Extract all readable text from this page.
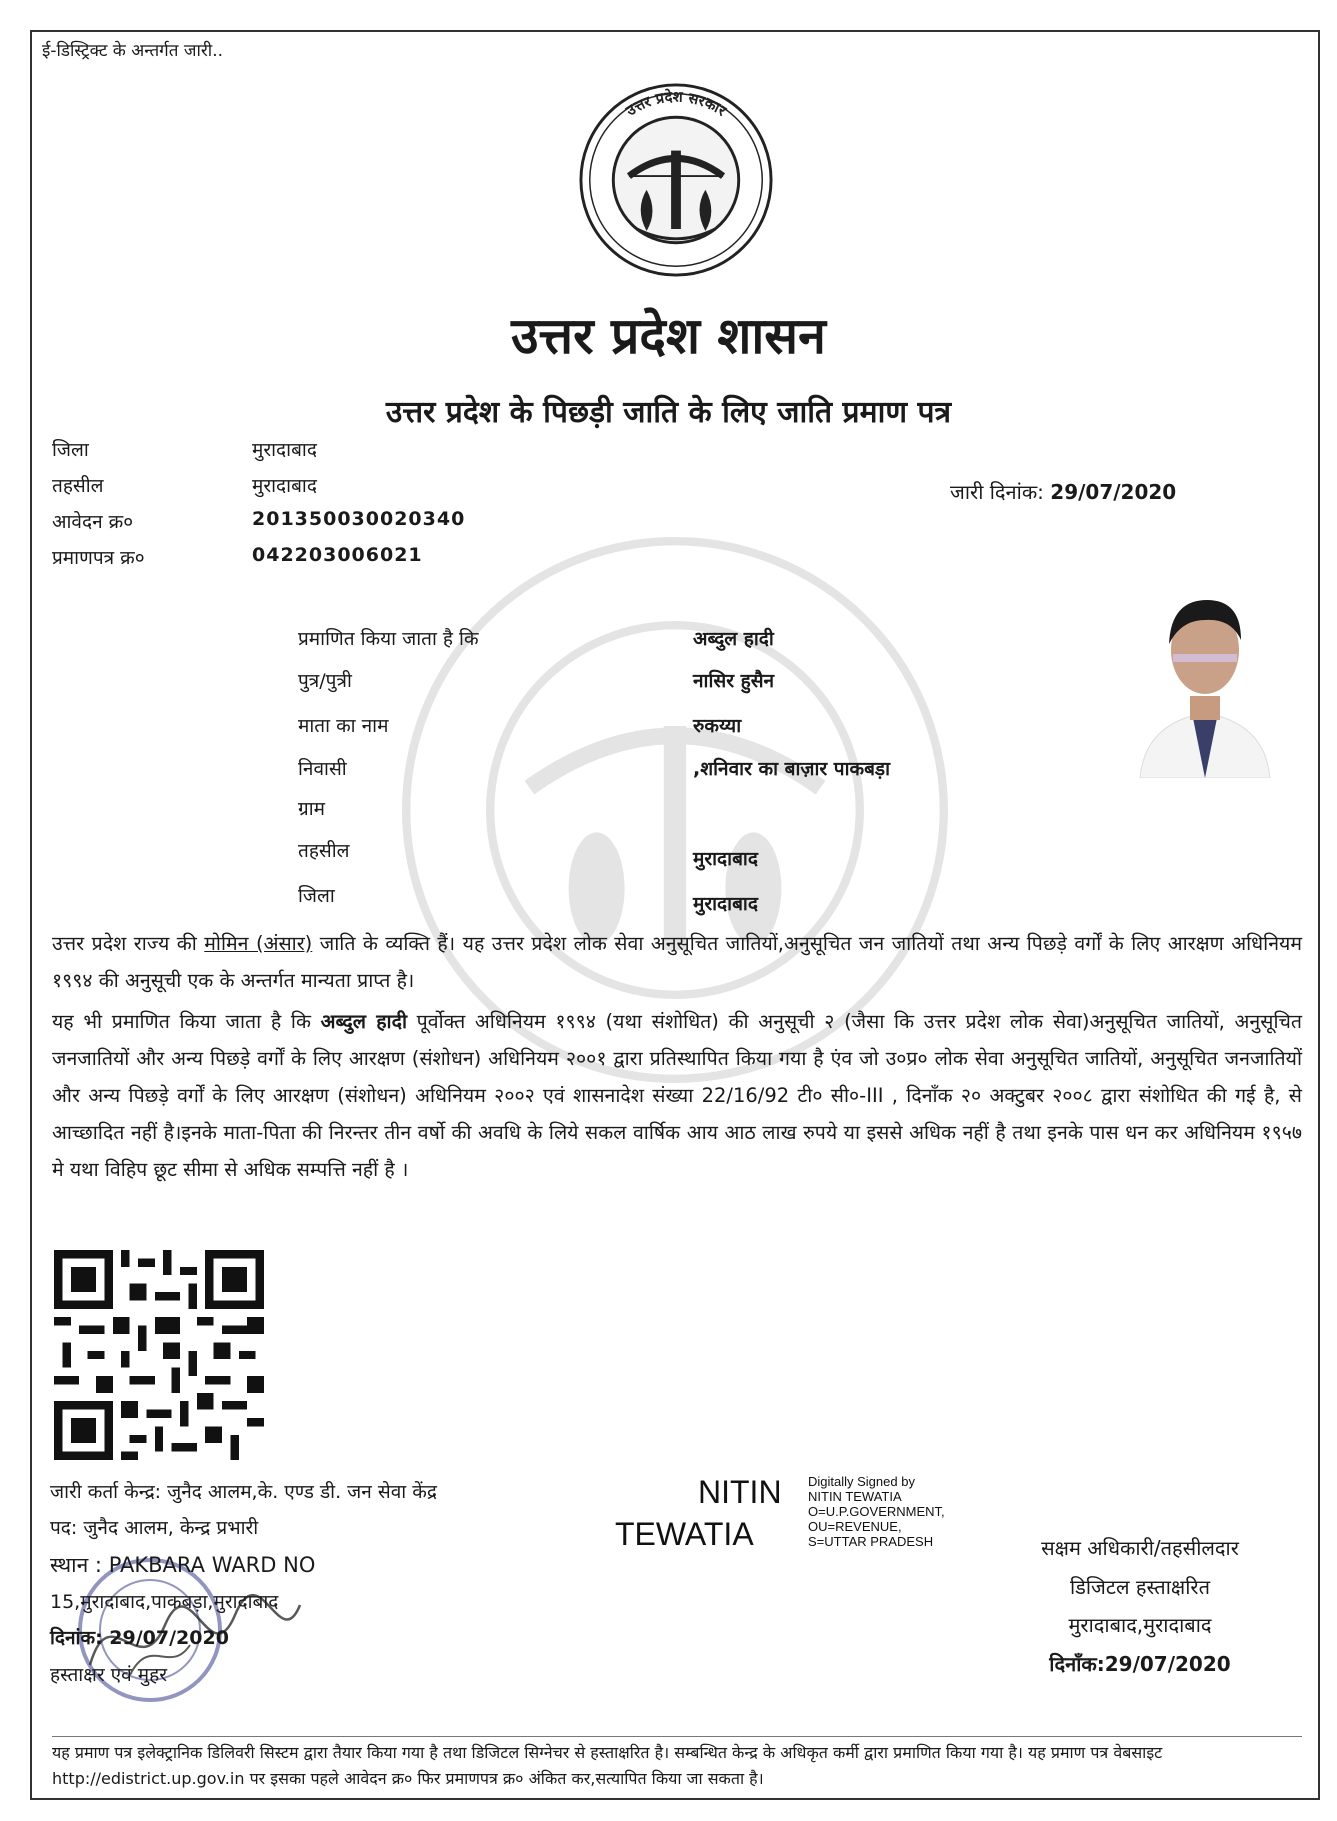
ई-डिस्ट्रिक्ट के अन्तर्गत जारी..
उत्तर प्रदेश सरकार
उत्तर प्रदेश शासन
उत्तर प्रदेश के पिछड़ी जाति के लिए जाति प्रमाण पत्र
जिला	मुरादाबाद
तहसील	मुरादाबाद
आवेदन क्र०	201350030020340
प्रमाणपत्र क्र०	042203006021
जारी दिनांक: 29/07/2020
प्रमाणित किया जाता है कि	अब्दुल हादी
पुत्र/पुत्री	नासिर हुसैन
माता का नाम	रुकय्या
निवासी	,शनिवार का बाज़ार पाकबड़ा
ग्राम
तहसील	मुरादाबाद
जिला	मुरादाबाद
उत्तर प्रदेश राज्य की मोमिन (अंसार) जाति के व्यक्ति हैं। यह उत्तर प्रदेश लोक सेवा अनुसूचित जातियों,अनुसूचित जन जातियों तथा अन्य पिछड़े वर्गों के लिए आरक्षण अधिनियम १९९४ की अनुसूची एक के अन्तर्गत मान्यता प्राप्त है।
यह भी प्रमाणित किया जाता है कि अब्दुल हादी पूर्वोक्त अधिनियम १९९४ (यथा संशोधित) की अनुसूची २ (जैसा कि उत्तर प्रदेश लोक सेवा)अनुसूचित जातियों, अनुसूचित जनजातियों और अन्य पिछड़े वर्गों के लिए आरक्षण (संशोधन) अधिनियम २००१ द्वारा प्रतिस्थापित किया गया है एंव जो उ०प्र० लोक सेवा अनुसूचित जातियों, अनुसूचित जनजातियों और अन्य पिछड़े वर्गों के लिए आरक्षण (संशोधन) अधिनियम २००२ एवं शासनादेश संख्या 22/16/92 टी० सी०-III , दिनाँक २० अक्टुबर २००८ द्वारा संशोधित की गई है, से आच्छादित नहीं है।इनके माता-पिता की निरन्तर तीन वर्षो की अवधि के लिये सकल वार्षिक आय आठ लाख रुपये या इससे अधिक नहीं है तथा इनके पास धन कर अधिनियम १९५७ मे यथा विहिप छूट सीमा से अधिक सम्पत्ति नहीं है ।
जारी कर्ता केन्द्र: जुनैद आलम,के. एण्ड डी. जन सेवा केंद्र
पद: जुनैद आलम, केन्द्र प्रभारी
स्थान : PAKBARA WARD NO
15,मुरादाबाद,पाकबड़ा,मुरादाबाद
दिनांक: 29/07/2020
हस्ताक्षर एवं मुहर
NITIN
TEWATIA
Digitally Signed by
NITIN TEWATIA
O=U.P.GOVERNMENT,
OU=REVENUE,
S=UTTAR PRADESH	सक्षम अधिकारी/तहसीलदार
डिजिटल हस्ताक्षरित
मुरादाबाद,मुरादाबाद
दिनाँक:29/07/2020
यह प्रमाण पत्र इलेक्ट्रानिक डिलिवरी सिस्टम द्वारा तैयार किया गया है तथा डिजिटल सिग्नेचर से हस्ताक्षरित है। सम्बन्धित केन्द्र के अधिकृत कर्मी द्वारा प्रमाणित किया गया है। यह प्रमाण पत्र वेबसाइट http://edistrict.up.gov.in पर इसका पहले आवेदन क्र० फिर प्रमाणपत्र क्र० अंकित कर,सत्यापित किया जा सकता है।
